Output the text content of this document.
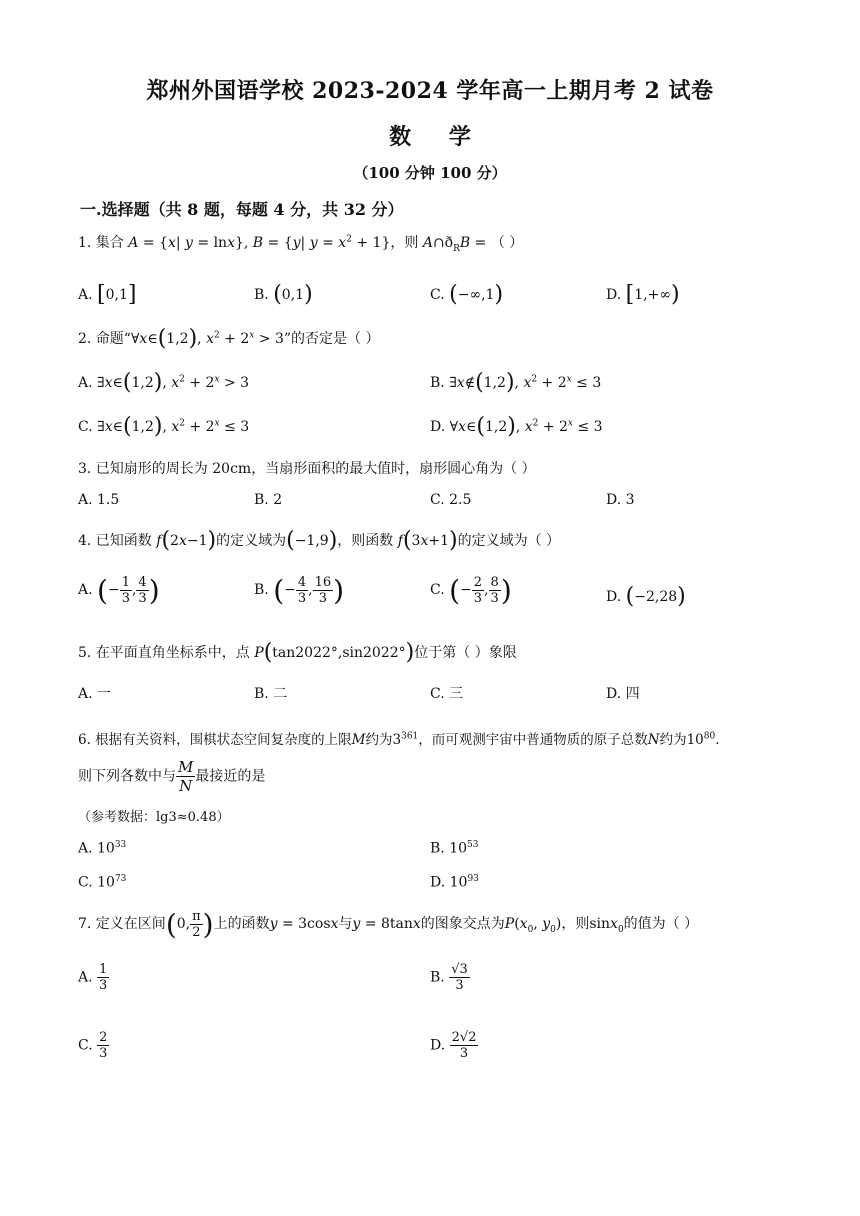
郑州外国语学校 2023-2024 学年高一上期月考 2 试卷
数 学
（100 分钟 100 分）
一.选择题（共 8 题，每题 4 分，共 32 分）
1. 集合 A = {x| y = lnx}, B = {y| $y = x^2 + 1$}，则 $A\cap ð_RB$ = （ ）
A. [0,1]	B. (0,1)	C. (−∞,1)	D. [1,+∞)
2. 命题“∀x∈(1,2), $x^2 + 2^x > 3$”的否定是（ ）
A. ∃x∈(1,2), $x^2 + 2^x > 3$	B. ∃x∉(1,2), $x^2 + 2^x \le 3$
C. ∃x∈(1,2), $x^2 + 2^x \le 3$	D. ∀x∈(1,2), $x^2 + 2^x \le 3$
3. 已知扇形的周长为 20cm，当扇形面积的最大值时，扇形圆心角为（ ）
A. 1.5	B. 2	C. 2.5	D. 3
4. 已知函数 f(2x−1)的定义域为(−1,9)，则函数 f(3x+1)的定义域为（ ）
A. (− $\frac{1}{3}$ , $\frac{4}{3}$ )	B. (− $\frac{4}{3}$ , $\frac{16}{3}$ )	C. (− $\frac{2}{3}$ , $\frac{8}{3}$ )	D. (−2,28)
5. 在平面直角坐标系中，点 P(tan2022°,sin2022°)位于第（ ）象限
A. 一	B. 二	C. 三	D. 四
6. 根据有关资料，围棋状态空间复杂度的上限M约为$3^{361}$，而可观测宇宙中普通物质的原子总数N约为$10^{80}$.
则下列各数中与 $\frac{M}{N}$ 最接近的是
（参考数据：lg3≈0.48）
A. $10^{33}$	B. $10^{53}$
C. $10^{73}$	D. $10^{93}$
7. 定义在区间(0, $\frac{\pi}{2}$ )上的函数y = 3cosx与y = 8tanx的图象交点为$P(x_0$, $y_0$)，则sinx$_0$的值为（ ）
A. $\frac{1}{3}$	B. $\frac{√3}{3}$
C. $\frac{2}{3}$	D. $\frac{2√2}{3}$
